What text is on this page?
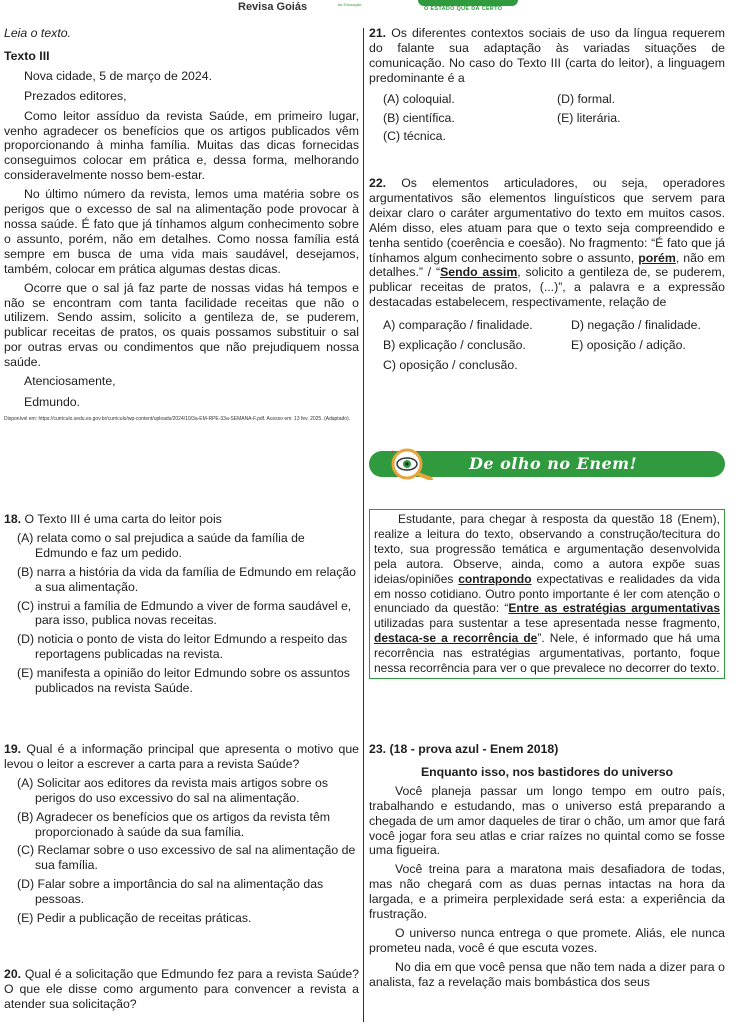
Revisa Goiás	de Educação
O ESTADO QUE DÁ CERTO

Leia o texto.

Texto III

Nova cidade, 5 de março de 2024.

Prezados editores,

Como leitor assíduo da revista Saúde, em primeiro lugar, venho agradecer os benefícios que os artigos publicados vêm proporcionando à minha família. Muitas das dicas fornecidas conseguimos colocar em prática e, dessa forma, melhorando consideravelmente nosso bem-estar.

No último número da revista, lemos uma matéria sobre os perigos que o excesso de sal na alimentação pode provocar à nossa saúde. É fato que já tínhamos algum conhecimento sobre o assunto, porém, não em detalhes. Como nossa família está sempre em busca de uma vida mais saudável, desejamos, também, colocar em prática algumas destas dicas.

Ocorre que o sal já faz parte de nossas vidas há tempos e não se encontram com tanta facilidade receitas que não o utilizem. Sendo assim, solicito a gentileza de, se puderem, publicar receitas de pratos, os quais possamos substituir o sal por outras ervas ou condimentos que não prejudiquem nossa saúde.

Atenciosamente,

Edmundo.

Disponível em: https://curriculo.sedu.es.gov.br/curriculo/wp-content/uploads/2024/10/3a-EM-RPE-33a-SEMANA-F.pdf. Acesso em: 13 fev. 2025. (Adaptado).

18. O Texto III é uma carta do leitor pois

(A) relata como o sal prejudica a saúde da família de Edmundo e faz um pedido.

(B) narra a história da vida da família de Edmundo em relação a sua alimentação.

(C) instrui a família de Edmundo a viver de forma saudável e, para isso, publica novas receitas.

(D) noticia o ponto de vista do leitor Edmundo a respeito das reportagens publicadas na revista.

(E) manifesta a opinião do leitor Edmundo sobre os assuntos publicados na revista Saúde.

19. Qual é a informação principal que apresenta o motivo que levou o leitor a escrever a carta para a revista Saúde?

(A) Solicitar aos editores da revista mais artigos sobre os perigos do uso excessivo do sal na alimentação.

(B) Agradecer os benefícios que os artigos da revista têm proporcionado à saúde da sua família.

(C) Reclamar sobre o uso excessivo de sal na alimentação de sua família.

(D) Falar sobre a importância do sal na alimentação das pessoas.

(E) Pedir a publicação de receitas práticas.

20. Qual é a solicitação que Edmundo fez para a revista Saúde? O que ele disse como argumento para convencer a revista a atender sua solicitação?

21. Os diferentes contextos sociais de uso da língua requerem do falante sua adaptação às variadas situações de comunicação. No caso do Texto III (carta do leitor), a linguagem predominante é a

(A) coloquial.	(D) formal.
(B) científica.	(E) literária.
(C) técnica.

22. Os elementos articuladores, ou seja, operadores argumentativos são elementos linguísticos que servem para deixar claro o caráter argumentativo do texto em muitos casos. Além disso, eles atuam para que o texto seja compreendido e tenha sentido (coerência e coesão). No fragmento: “É fato que já tínhamos algum conhecimento sobre o assunto, porém, não em detalhes.” / “Sendo assim, solicito a gentileza de, se puderem, publicar receitas de pratos, (...)”, a palavra e a expressão destacadas estabelecem, respectivamente, relação de

A) comparação / finalidade.	D) negação / finalidade.
B) explicação / conclusão.	E) oposição / adição.
C) oposição / conclusão.
+
De olho no Enem!

Estudante, para chegar à resposta da questão 18 (Enem), realize a leitura do texto, observando a construção/tecitura do texto, sua progressão temática e argumentação desenvolvida pela autora. Observe, ainda, como a autora expõe suas ideias/opiniões contrapondo expectativas e realidades da vida em nosso cotidiano. Outro ponto importante é ler com atenção o enunciado da questão: “Entre as estratégias argumentativas utilizadas para sustentar a tese apresentada nesse fragmento, destaca-se a recorrência de”. Nele, é informado que há uma recorrência nas estratégias argumentativas, portanto, foque nessa recorrência para ver o que prevalece no decorrer do texto.

23. (18 - prova azul - Enem 2018)

Enquanto isso, nos bastidores do universo

Você planeja passar um longo tempo em outro país, trabalhando e estudando, mas o universo está preparando a chegada de um amor daqueles de tirar o chão, um amor que fará você jogar fora seu atlas e criar raízes no quintal como se fosse uma figueira.

Você treina para a maratona mais desafiadora de todas, mas não chegará com as duas pernas intactas na hora da largada, e a primeira perplexidade será esta: a experiência da frustração.

O universo nunca entrega o que promete. Aliás, ele nunca prometeu nada, você é que escuta vozes.

No dia em que você pensa que não tem nada a dizer para o analista, faz a revelação mais bombástica dos seus
